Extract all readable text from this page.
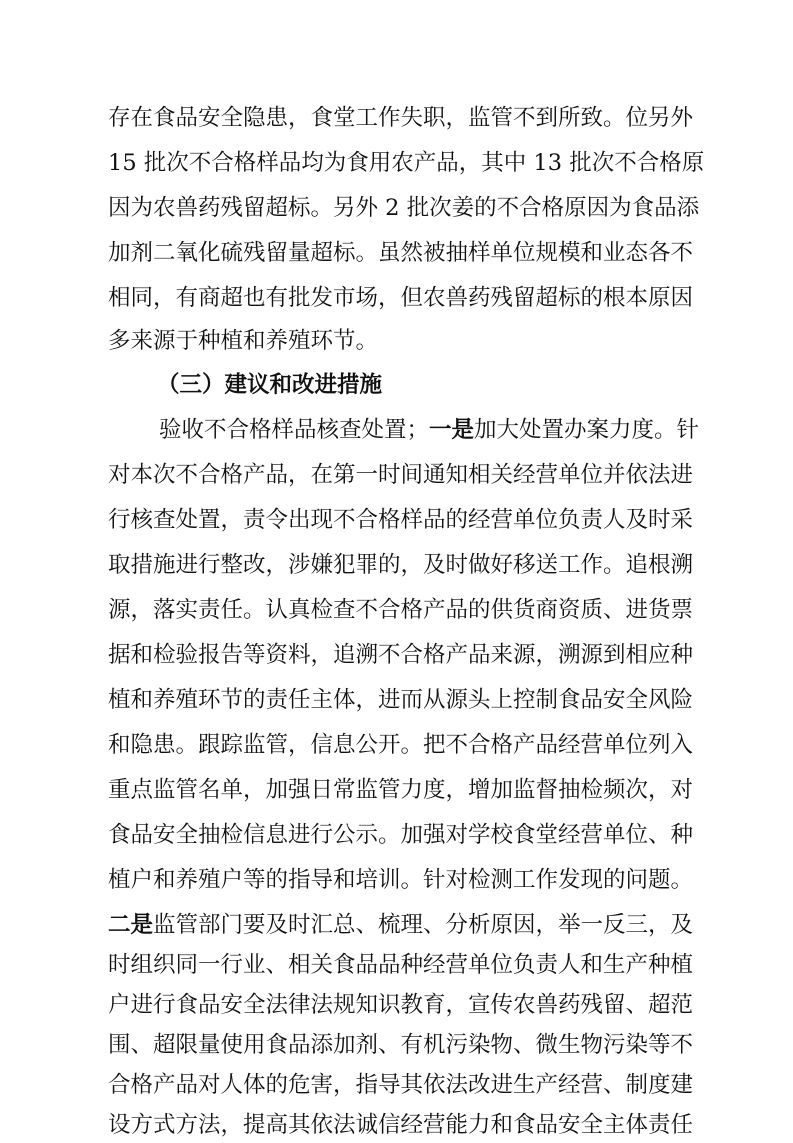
存在食品安全隐患，食堂工作失职，监管不到所致。位另外
15 批次不合格样品均为食用农产品，其中 13 批次不合格原
因为农兽药残留超标。另外 2 批次姜的不合格原因为食品添
加剂二氧化硫残留量超标。虽然被抽样单位规模和业态各不
相同，有商超也有批发市场，但农兽药残留超标的根本原因
多来源于种植和养殖环节。
（三）建议和改进措施
验收不合格样品核查处置；一是加大处置办案力度。针
对本次不合格产品，在第一时间通知相关经营单位并依法进
行核查处置，责令出现不合格样品的经营单位负责人及时采
取措施进行整改，涉嫌犯罪的，及时做好移送工作。追根溯
源，落实责任。认真检查不合格产品的供货商资质、进货票
据和检验报告等资料，追溯不合格产品来源，溯源到相应种
植和养殖环节的责任主体，进而从源头上控制食品安全风险
和隐患。跟踪监管，信息公开。把不合格产品经营单位列入
重点监管名单，加强日常监管力度，增加监督抽检频次，对
食品安全抽检信息进行公示。加强对学校食堂经营单位、种
植户和养殖户等的指导和培训。针对检测工作发现的问题。
二是监管部门要及时汇总、梳理、分析原因，举一反三，及
时组织同一行业、相关食品品种经营单位负责人和生产种植
户进行食品安全法律法规知识教育，宣传农兽药残留、超范
围、超限量使用食品添加剂、有机污染物、微生物污染等不
合格产品对人体的危害，指导其依法改进生产经营、制度建
设方式方法，提高其依法诚信经营能力和食品安全主体责任
